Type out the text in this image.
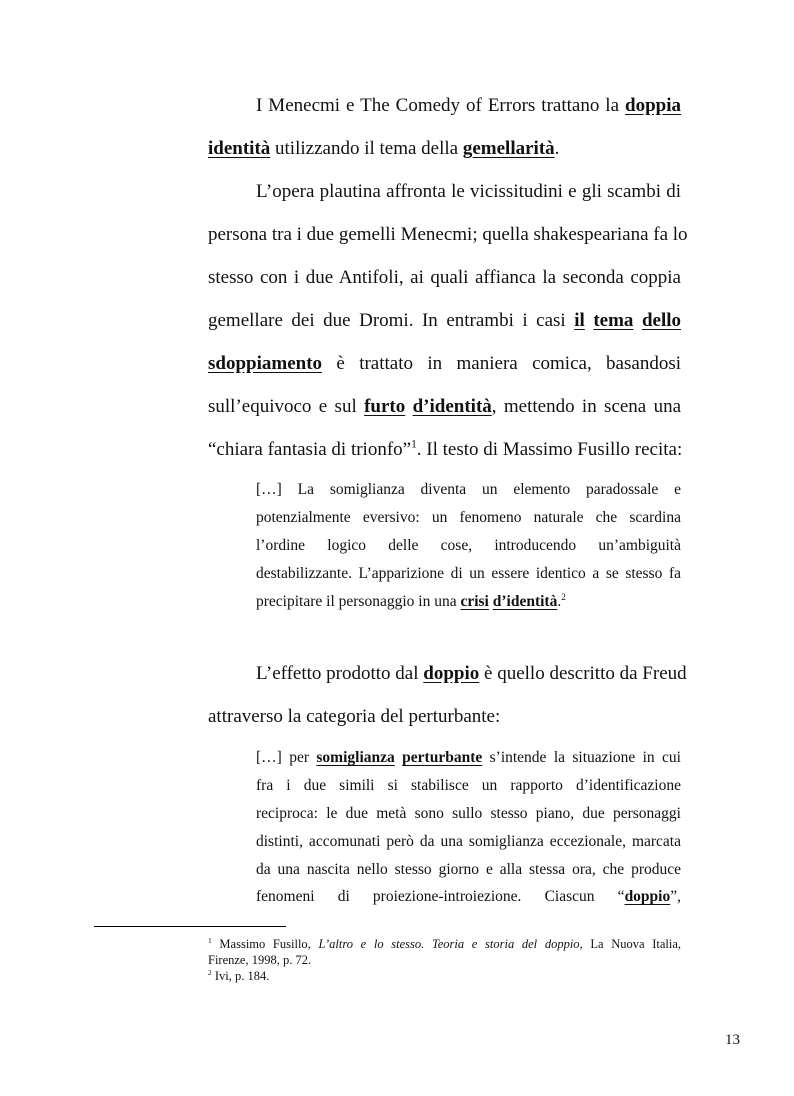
I Menecmi e The Comedy of Errors trattano la doppia
identità utilizzando il tema della gemellarità.
L’opera plautina affronta le vicissitudini e gli scambi di
persona tra i due gemelli Menecmi; quella shakespeariana fa lo
stesso con i due Antifoli, ai quali affianca la seconda coppia
gemellare dei due Dromi. In entrambi i casi il tema dello
sdoppiamento è trattato in maniera comica, basandosi
sull’equivoco e sul furto d’identità, mettendo in scena una
“chiara fantasia di trionfo”$^1$. Il testo di Massimo Fusillo recita:
[…] La somiglianza diventa un elemento paradossale e
potenzialmente eversivo: un fenomeno naturale che scardina
l’ordine logico delle cose, introducendo un’ambiguità
destabilizzante. L’apparizione di un essere identico a se stesso fa
precipitare il personaggio in una crisi d’identità.$^2$
L’effetto prodotto dal doppio è quello descritto da Freud
attraverso la categoria del perturbante:
[…] per somiglianza perturbante s’intende la situazione in cui
fra i due simili si stabilisce un rapporto d’identificazione
reciproca: le due metà sono sullo stesso piano, due personaggi
distinti, accomunati però da una somiglianza eccezionale, marcata
da una nascita nello stesso giorno e alla stessa ora, che produce
fenomeni di proiezione-introiezione. Ciascun “doppio”,
$^1$ Massimo Fusillo, L’altro e lo stesso. Teoria e storia del doppio, La Nuova Italia,
Firenze, 1998, p. 72.
$^2$ Ivi, p. 184.
13
